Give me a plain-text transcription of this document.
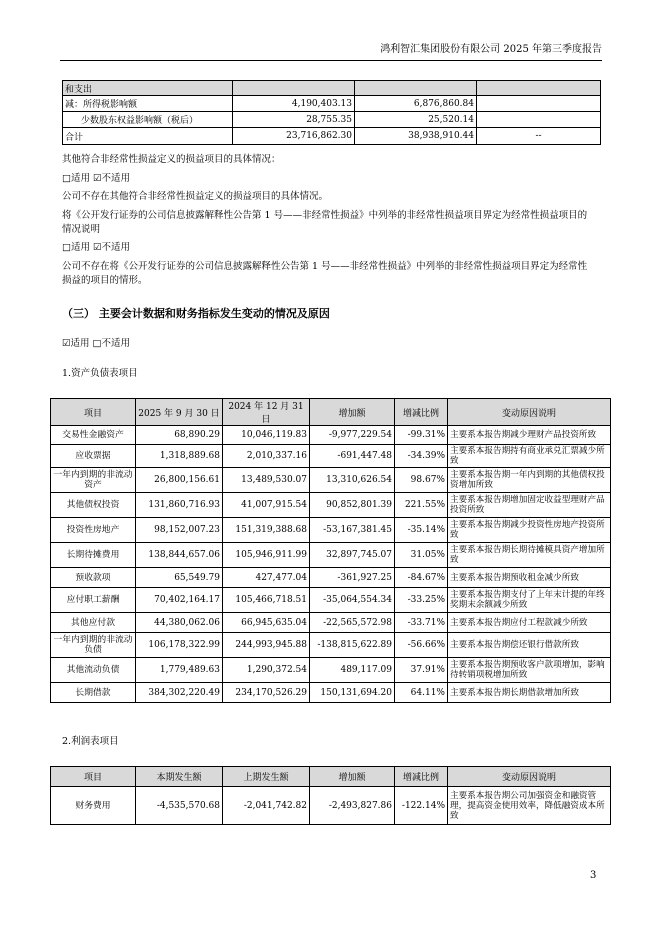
鸿利智汇集团股份有限公司 2025 年第三季度报告
和支出			
减：所得税影响额	4,190,403.13	6,876,860.84	
少数股东权益影响额（税后）	28,755.35	25,520.14	
合计	23,716,862.30	38,938,910.44	--
其他符合非经常性损益定义的损益项目的具体情况：
□适用 ☑不适用
公司不存在其他符合非经常性损益定义的损益项目的具体情况。
将《公开发行证券的公司信息披露解释性公告第 1 号——非经常性损益》中列举的非经常性损益项目界定为经常性损益项目的情况说明
□适用 ☑不适用
公司不存在将《公开发行证券的公司信息披露解释性公告第 1 号——非经常性损益》中列举的非经常性损益项目界定为经常性损益的项目的情形。
（三） 主要会计数据和财务指标发生变动的情况及原因
☑适用 □不适用
1.资产负债表项目
项目	2025 年 9 月 30 日	2024 年 12 月 31 日	增加额	增减比例	变动原因说明
交易性金融资产	68,890.29	10,046,119.83	-9,977,229.54	-99.31%	主要系本报告期减少理财产品投资所致
应收票据	1,318,889.68	2,010,337.16	-691,447.48	-34.39%	主要系本报告期持有商业承兑汇票减少所致
一年内到期的非流动资产	26,800,156.61	13,489,530.07	13,310,626.54	98.67%	主要系本报告期一年内到期的其他债权投资增加所致
其他债权投资	131,860,716.93	41,007,915.54	90,852,801.39	221.55%	主要系本报告期增加固定收益型理财产品投资所致
投资性房地产	98,152,007.23	151,319,388.68	-53,167,381.45	-35.14%	主要系本报告期减少投资性房地产投资所致
长期待摊费用	138,844,657.06	105,946,911.99	32,897,745.07	31.05%	主要系本报告期长期待摊模具资产增加所致
预收款项	65,549.79	427,477.04	-361,927.25	-84.67%	主要系本报告期预收租金减少所致
应付职工薪酬	70,402,164.17	105,466,718.51	-35,064,554.34	-33.25%	主要系本报告期支付了上年末计提的年终奖期末余额减少所致
其他应付款	44,380,062.06	66,945,635.04	-22,565,572.98	-33.71%	主要系本报告期应付工程款减少所致
一年内到期的非流动负债	106,178,322.99	244,993,945.88	-138,815,622.89	-56.66%	主要系本报告期偿还银行借款所致
其他流动负债	1,779,489.63	1,290,372.54	489,117.09	37.91%	主要系本报告期预收客户款项增加，影响待转销项税增加所致
长期借款	384,302,220.49	234,170,526.29	150,131,694.20	64.11%	主要系本报告期长期借款增加所致
2.利润表项目
项目	本期发生额	上期发生额	增加额	增减比例	变动原因说明
财务费用	-4,535,570.68	-2,041,742.82	-2,493,827.86	-122.14%	主要系本报告期公司加强资金和融资管理，提高资金使用效率，降低融资成本所致
3
